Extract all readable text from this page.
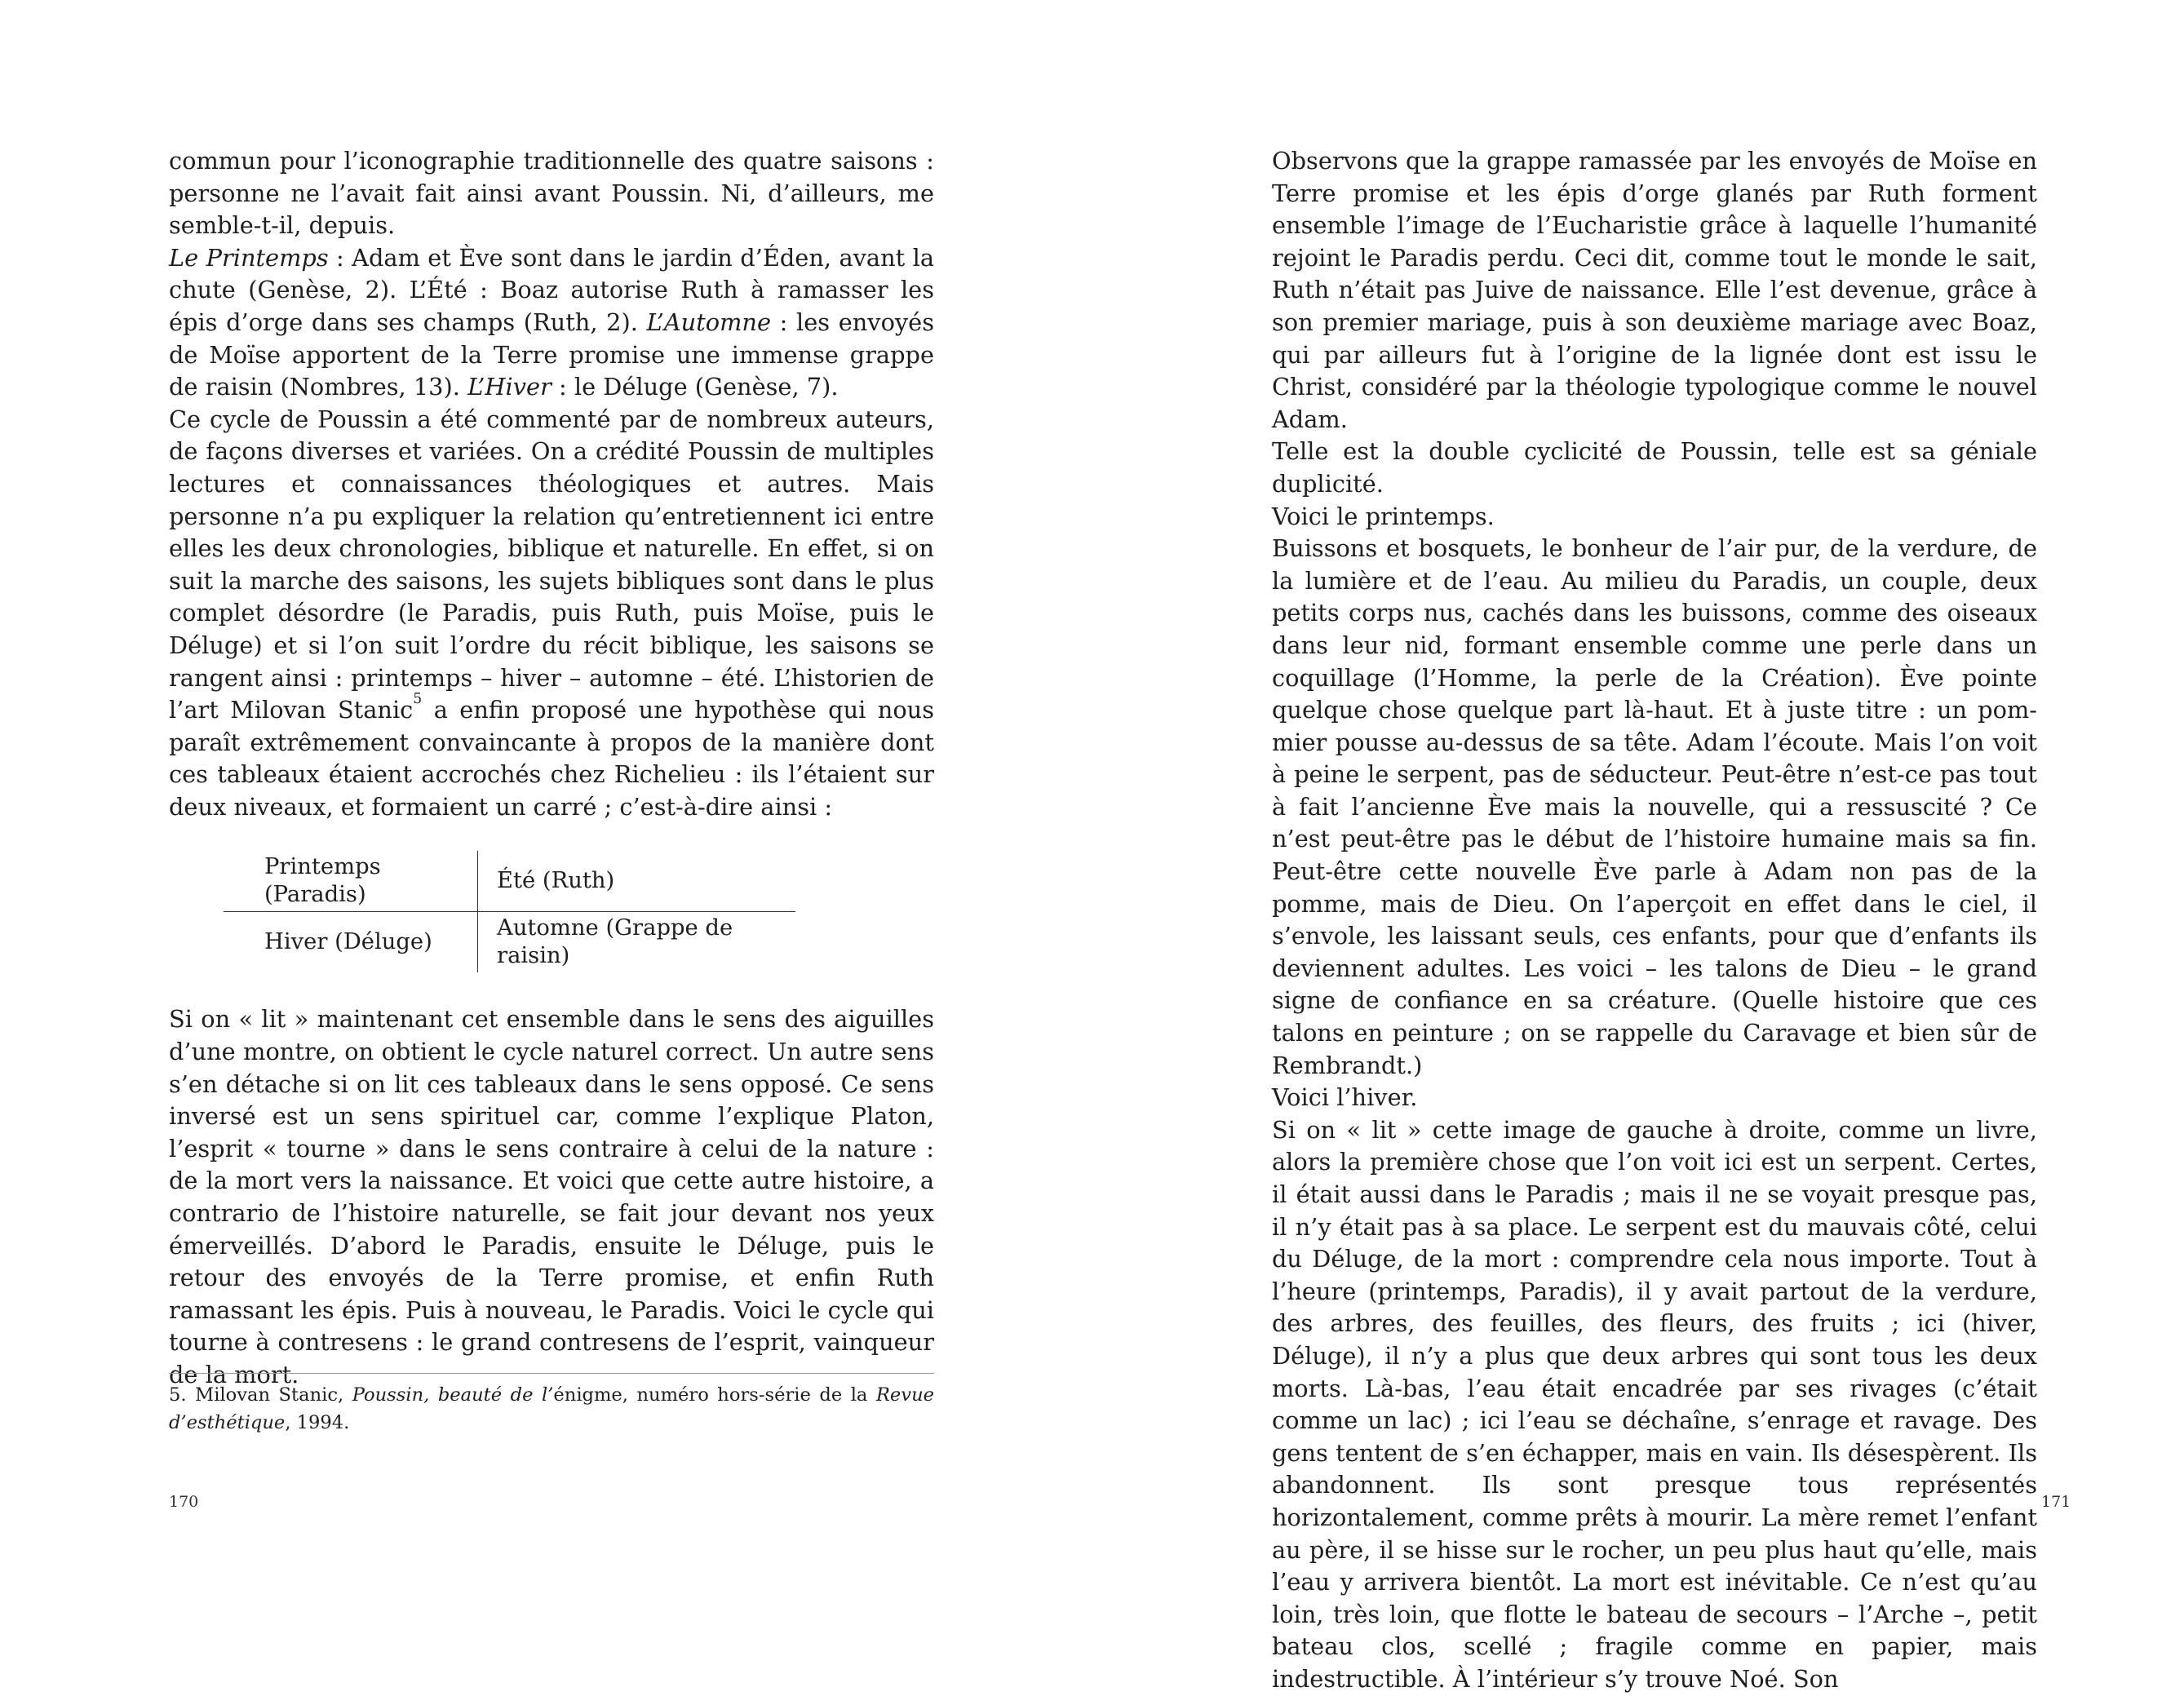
commun pour l’iconographie traditionnelle des quatre saisons : personne ne l’avait fait ainsi avant Poussin. Ni, d’ailleurs, me semble-t-il, depuis.

Le Printemps : Adam et Ève sont dans le jardin d’Éden, avant la chute (Genèse, 2). L’Été : Boaz autorise Ruth à ramasser les épis d’orge dans ses champs (Ruth, 2). L’Automne : les envoyés de Moïse apportent de la Terre promise une immense grappe de raisin (Nombres, 13). L’Hiver : le Déluge (Genèse, 7).

Ce cycle de Poussin a été commenté par de nombreux auteurs, de façons diverses et variées. On a crédité Poussin de multiples lectures et connaissances théologiques et autres. Mais personne n’a pu expliquer la relation qu’entretiennent ici entre elles les deux chronologies, biblique et naturelle. En effet, si on suit la marche des saisons, les sujets bibliques sont dans le plus complet désordre (le Paradis, puis Ruth, puis Moïse, puis le Déluge) et si l’on suit l’ordre du récit biblique, les saisons se rangent ainsi : printemps – hiver – automne – été. L’historien de l’art Milovan Stanic$^5$ a enfin proposé une hypothèse qui nous paraît extrêmement convaincante à propos de la manière dont ces tableaux étaient accrochés chez Richelieu : ils l’étaient sur deux niveaux, et formaient un carré ; c’est-à-dire ainsi :

Printemps (Paradis)	Été (Ruth)
Hiver (Déluge)	Automne (Grappe de raisin)

Si on « lit » maintenant cet ensemble dans le sens des aiguilles d’une montre, on obtient le cycle naturel correct. Un autre sens s’en détache si on lit ces tableaux dans le sens opposé. Ce sens inversé est un sens spirituel car, comme l’explique Platon, l’esprit « tourne » dans le sens contraire à celui de la nature : de la mort vers la naissance. Et voici que cette autre histoire, a contrario de l’histoire naturelle, se fait jour devant nos yeux émerveillés. D’abord le Paradis, ensuite le Déluge, puis le retour des envoyés de la Terre promise, et enfin Ruth ramassant les épis. Puis à nouveau, le Paradis. Voici le cycle qui tourne à contresens : le grand contresens de l’esprit, vainqueur de la mort.

5. Milovan Stanic, Poussin, beauté de l’énigme, numéro hors-série de la Revue d’esthétique, 1994.
170

Observons que la grappe ramassée par les envoyés de Moïse en Terre promise et les épis d’orge glanés par Ruth forment ensemble l’image de l’Eucharistie grâce à laquelle l’humanité rejoint le Paradis perdu. Ceci dit, comme tout le monde le sait, Ruth n’était pas Juive de naissance. Elle l’est devenue, grâce à son premier mariage, puis à son deuxième mariage avec Boaz, qui par ailleurs fut à l’origine de la lignée dont est issu le Christ, considéré par la théologie typologique comme le nouvel Adam.

Telle est la double cyclicité de Poussin, telle est sa géniale duplicité.

Voici le printemps.

Buissons et bosquets, le bonheur de l’air pur, de la verdure, de la lumière et de l’eau. Au milieu du Paradis, un couple, deux petits corps nus, cachés dans les buissons, comme des oiseaux dans leur nid, formant ensemble comme une perle dans un coquillage (l’Homme, la perle de la Création). Ève pointe quelque chose quelque part là-haut. Et à juste titre : un pommier pousse au-dessus de sa tête. Adam l’écoute. Mais l’on voit à peine le serpent, pas de séducteur. Peut-être n’est-ce pas tout à fait l’ancienne Ève mais la nouvelle, qui a ressuscité ? Ce n’est peut-être pas le début de l’histoire humaine mais sa fin. Peut-être cette nouvelle Ève parle à Adam non pas de la pomme, mais de Dieu. On l’aperçoit en effet dans le ciel, il s’envole, les laissant seuls, ces enfants, pour que d’enfants ils deviennent adultes. Les voici – les talons de Dieu – le grand signe de confiance en sa créature. (Quelle histoire que ces talons en peinture ; on se rappelle du Caravage et bien sûr de Rembrandt.)

Voici l’hiver.

Si on « lit » cette image de gauche à droite, comme un livre, alors la première chose que l’on voit ici est un serpent. Certes, il était aussi dans le Paradis ; mais il ne se voyait presque pas, il n’y était pas à sa place. Le serpent est du mauvais côté, celui du Déluge, de la mort : comprendre cela nous importe. Tout à l’heure (printemps, Paradis), il y avait partout de la verdure, des arbres, des feuilles, des fleurs, des fruits ; ici (hiver, Déluge), il n’y a plus que deux arbres qui sont tous les deux morts. Là-bas, l’eau était encadrée par ses rivages (c’était comme un lac) ; ici l’eau se déchaîne, s’enrage et ravage. Des gens tentent de s’en échapper, mais en vain. Ils désespèrent. Ils abandonnent. Ils sont presque tous représentés horizontalement, comme prêts à mourir. La mère remet l’enfant au père, il se hisse sur le rocher, un peu plus haut qu’elle, mais l’eau y arrivera bientôt. La mort est inévitable. Ce n’est qu’au loin, très loin, que flotte le bateau de secours – l’Arche –, petit bateau clos, scellé ; fragile comme en papier, mais indestructible. À l’intérieur s’y trouve Noé. Son

171
